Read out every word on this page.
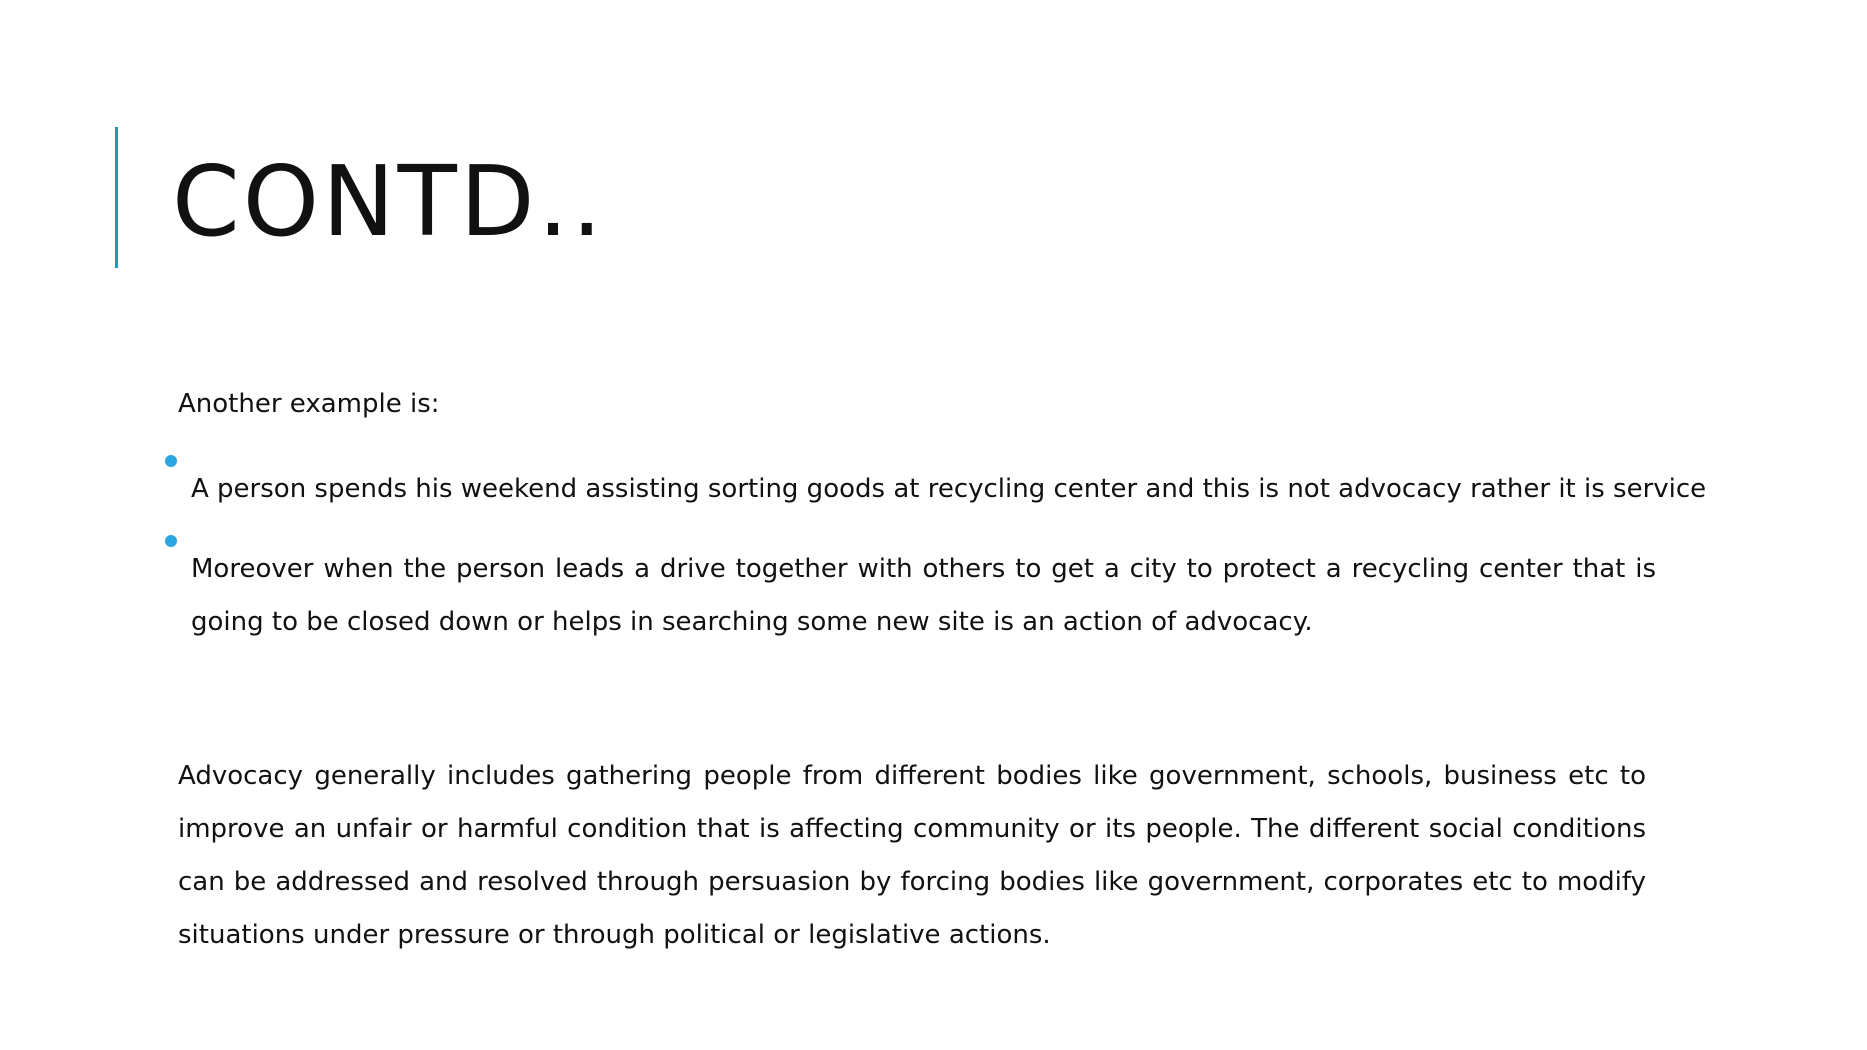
CONTD..

Another example is:

A person spends his weekend assisting sorting goods at recycling center and this is not advocacy rather it is service
Moreover when the person leads a drive together with others to get a city to protect a recycling center that is going to be closed down or helps in searching some new site is an action of advocacy.

Advocacy generally includes gathering people from different bodies like government, schools, business etc to improve an unfair or harmful condition that is affecting community or its people. The different social conditions can be addressed and resolved through persuasion by forcing bodies like government, corporates etc to modify situations under pressure or through political or legislative actions.
